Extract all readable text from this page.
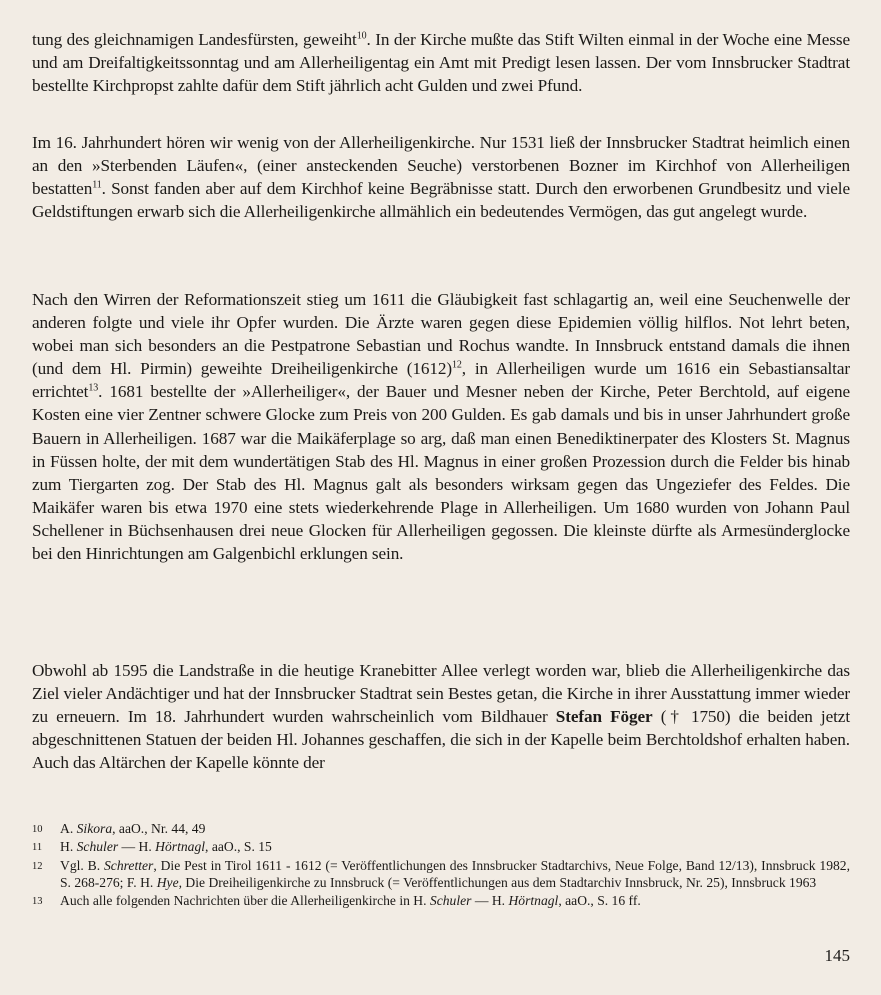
tung des gleichnamigen Landesfürsten, geweiht$^{10}$. In der Kirche mußte das Stift Wilten einmal in der Woche eine Messe und am Dreifaltigkeitssonntag und am Allerheiligentag ein Amt mit Predigt lesen lassen. Der vom Innsbrucker Stadtrat bestellte Kirchpropst zahlte dafür dem Stift jährlich acht Gulden und zwei Pfund.
Im 16. Jahrhundert hören wir wenig von der Allerheiligenkirche. Nur 1531 ließ der Innsbrucker Stadtrat heimlich einen an den »Sterbenden Läufen«, (einer ansteckenden Seuche) verstorbenen Bozner im Kirchhof von Allerheiligen bestatten$^{11}$. Sonst fanden aber auf dem Kirchhof keine Begräbnisse statt. Durch den erworbenen Grundbesitz und viele Geldstiftungen erwarb sich die Allerheiligenkirche allmählich ein bedeutendes Vermögen, das gut angelegt wurde.
Nach den Wirren der Reformationszeit stieg um 1611 die Gläubigkeit fast schlagartig an, weil eine Seuchenwelle der anderen folgte und viele ihr Opfer wurden. Die Ärzte waren gegen diese Epidemien völlig hilflos. Not lehrt beten, wobei man sich besonders an die Pestpatrone Sebastian und Rochus wandte. In Innsbruck entstand damals die ihnen (und dem Hl. Pirmin) geweihte Dreiheiligenkirche $(1612)^{12}$, in Allerheiligen wurde um 1616 ein Sebastiansaltar errichtet$^{13}$. 1681 bestellte der »Allerheiliger«, der Bauer und Mesner neben der Kirche, Peter Berchtold, auf eigene Kosten eine vier Zentner schwere Glocke zum Preis von 200 Gulden. Es gab damals und bis in unser Jahrhundert große Bauern in Allerheiligen. 1687 war die Maikäferplage so arg, daß man einen Benediktinerpater des Klosters St. Magnus in Füssen holte, der mit dem wundertätigen Stab des Hl. Magnus in einer großen Prozession durch die Felder bis hinab zum Tiergarten zog. Der Stab des Hl. Magnus galt als besonders wirksam gegen das Ungeziefer des Feldes. Die Maikäfer waren bis etwa 1970 eine stets wiederkehrende Plage in Allerheiligen. Um 1680 wurden von Johann Paul Schellener in Büchsenhausen drei neue Glocken für Allerheiligen gegossen. Die kleinste dürfte als Armesünderglocke bei den Hinrichtungen am Galgenbichl erklungen sein.
Obwohl ab 1595 die Landstraße in die heutige Kranebitter Allee verlegt worden war, blieb die Allerheiligenkirche das Ziel vieler Andächtiger und hat der Innsbrucker Stadtrat sein Bestes getan, die Kirche in ihrer Ausstattung immer wieder zu erneuern. Im 18. Jahrhundert wurden wahrscheinlich vom Bildhauer Stefan Föger († 1750) die beiden jetzt abgeschnittenen Statuen der beiden Hl. Johannes geschaffen, die sich in der Kapelle beim Berchtoldshof erhalten haben. Auch das Altärchen der Kapelle könnte der
10	A. Sikora, aaO., Nr. 44, 49
11	H. Schuler — H. Hörtnagl, aaO., S. 15
12	Vgl. B. Schretter, Die Pest in Tirol 1611 - 1612 (= Veröffentlichungen des Innsbrucker Stadtarchivs, Neue Folge, Band 12/13), Innsbruck 1982, S. 268-276; F. H. Hye, Die Dreiheiligenkirche zu Innsbruck (= Veröffentlichungen aus dem Stadtarchiv Innsbruck, Nr. 25), Innsbruck 1963
13	Auch alle folgenden Nachrichten über die Allerheiligenkirche in H. Schuler — H. Hörtnagl, aaO., S. 16 ff.
145
